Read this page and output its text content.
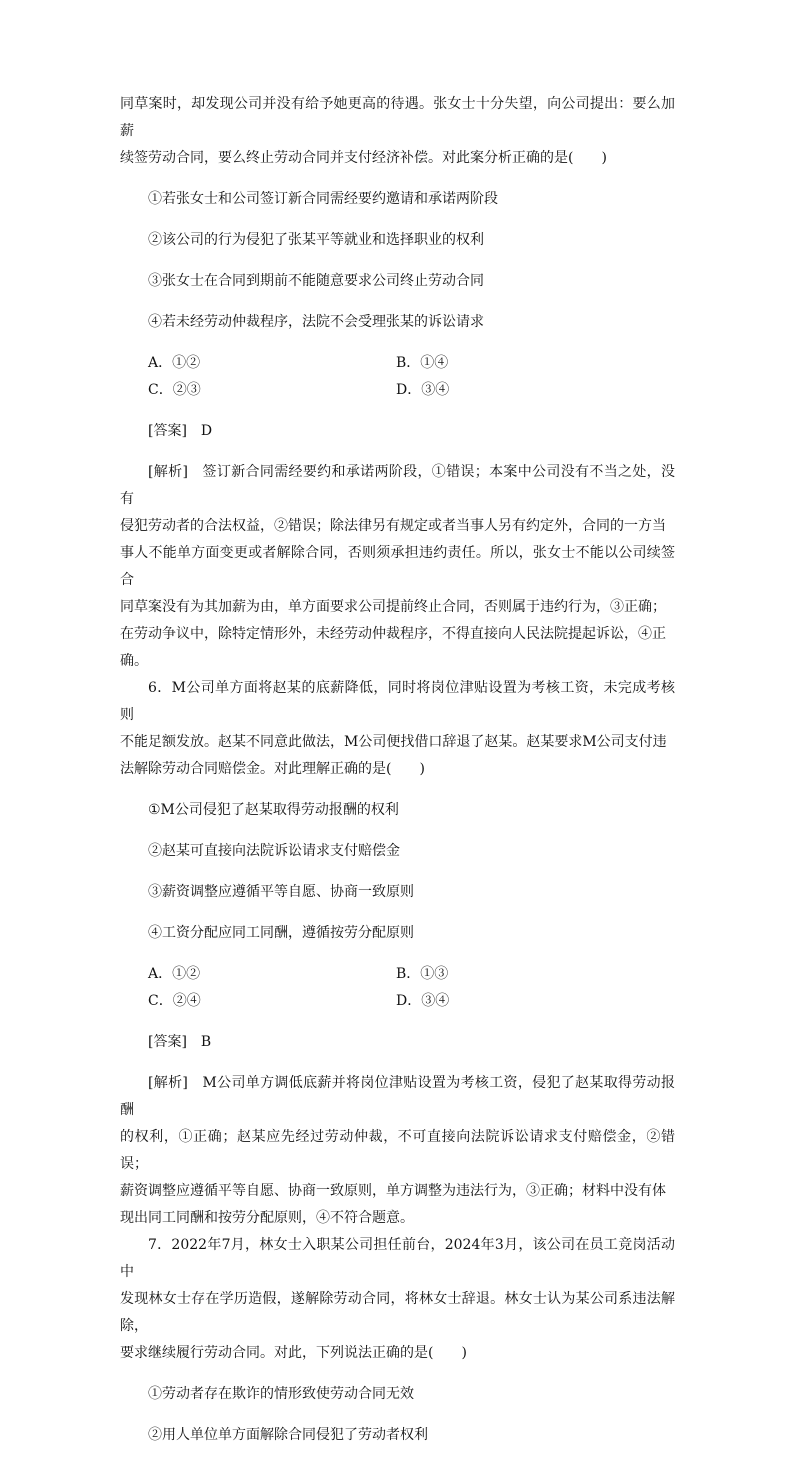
同草案时，却发现公司并没有给予她更高的待遇。张女士十分失望，向公司提出：要么加薪

续签劳动合同，要么终止劳动合同并支付经济补偿。对此案分析正确的是(　　)

①若张女士和公司签订新合同需经要约邀请和承诺两阶段

②该公司的行为侵犯了张某平等就业和选择职业的权利

③张女士在合同到期前不能随意要求公司终止劳动合同

④若未经劳动仲裁程序，法院不会受理张某的诉讼请求

A．①②	B．①④
C．②③	D．③④

[答案]　D

[解析]　签订新合同需经要约和承诺两阶段，①错误；本案中公司没有不当之处，没有

侵犯劳动者的合法权益，②错误；除法律另有规定或者当事人另有约定外，合同的一方当

事人不能单方面变更或者解除合同，否则须承担违约责任。所以，张女士不能以公司续签合

同草案没有为其加薪为由，单方面要求公司提前终止合同，否则属于违约行为，③正确；

在劳动争议中，除特定情形外，未经劳动仲裁程序，不得直接向人民法院提起诉讼，④正

确。

6．M公司单方面将赵某的底薪降低，同时将岗位津贴设置为考核工资，未完成考核则

不能足额发放。赵某不同意此做法，M公司便找借口辞退了赵某。赵某要求M公司支付违

法解除劳动合同赔偿金。对此理解正确的是(　　)

①M公司侵犯了赵某取得劳动报酬的权利

②赵某可直接向法院诉讼请求支付赔偿金

③薪资调整应遵循平等自愿、协商一致原则

④工资分配应同工同酬，遵循按劳分配原则

A．①②	B．①③
C．②④	D．③④

[答案]　B

[解析]　M公司单方调低底薪并将岗位津贴设置为考核工资，侵犯了赵某取得劳动报酬

的权利，①正确；赵某应先经过劳动仲裁，不可直接向法院诉讼请求支付赔偿金，②错误；

薪资调整应遵循平等自愿、协商一致原则，单方调整为违法行为，③正确；材料中没有体

现出同工同酬和按劳分配原则，④不符合题意。

7．2022年7月，林女士入职某公司担任前台，2024年3月，该公司在员工竞岗活动中

发现林女士存在学历造假，遂解除劳动合同，将林女士辞退。林女士认为某公司系违法解除，

要求继续履行劳动合同。对此，下列说法正确的是(　　)

①劳动者存在欺诈的情形致使劳动合同无效

②用人单位单方面解除合同侵犯了劳动者权利
